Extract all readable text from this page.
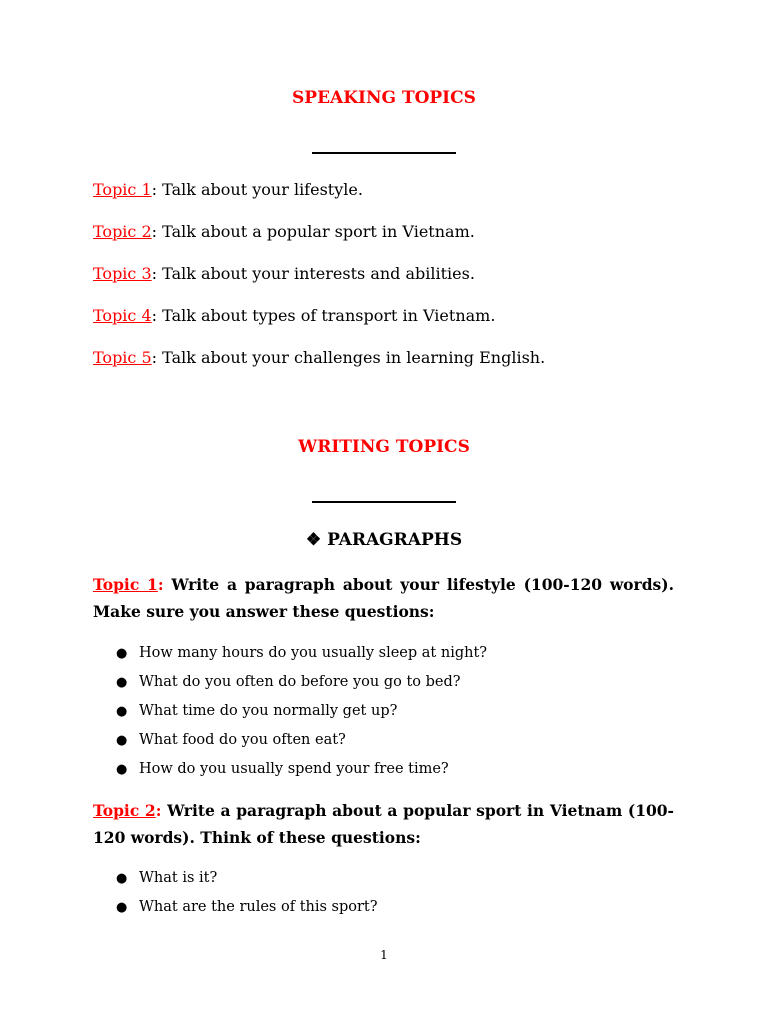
SPEAKING TOPICS
Topic 1: Talk about your lifestyle.
Topic 2: Talk about a popular sport in Vietnam.
Topic 3: Talk about your interests and abilities.
Topic 4: Talk about types of transport in Vietnam.
Topic 5: Talk about your challenges in learning English.
WRITING TOPICS
❖ PARAGRAPHS
Topic 1: Write a paragraph about your lifestyle (100-120 words). Make sure you answer these questions:
● How many hours do you usually sleep at night?
● What do you often do before you go to bed?
● What time do you normally get up?
● What food do you often eat?
● How do you usually spend your free time?
Topic 2: Write a paragraph about a popular sport in Vietnam (100-120 words). Think of these questions:
● What is it?
● What are the rules of this sport?
1
